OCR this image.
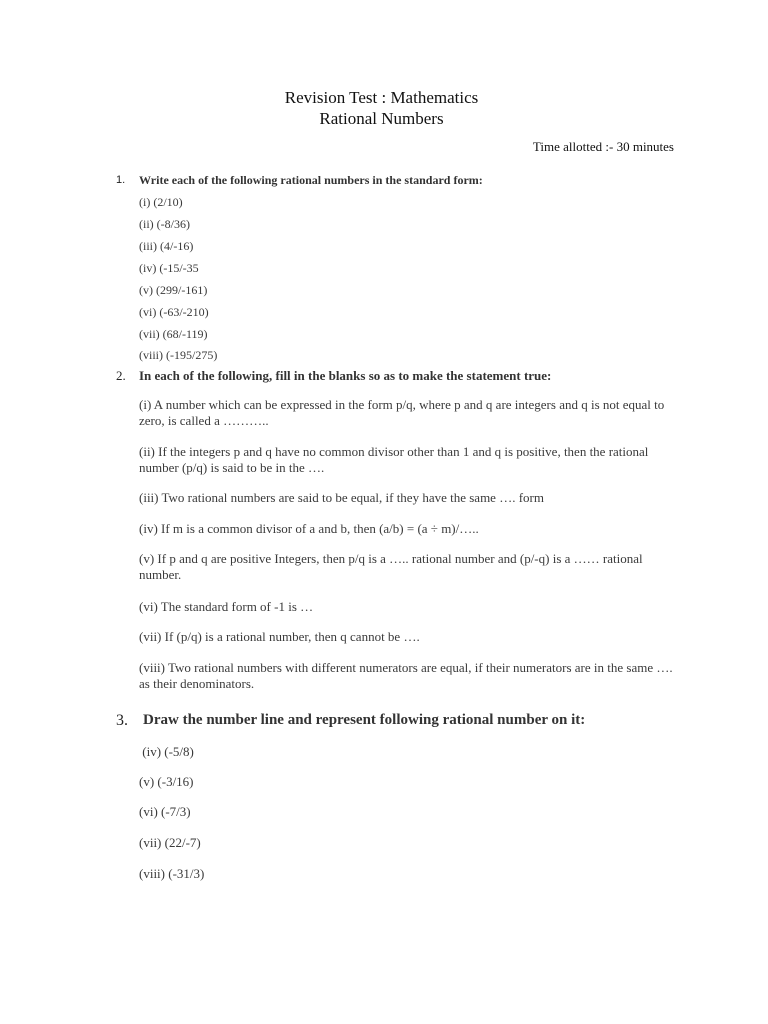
Revision Test : Mathematics
Rational Numbers
Time allotted :- 30 minutes
1. Write each of the following rational numbers in the standard form:
(i) (2/10)
(ii) (-8/36)
(iii) (4/-16)
(iv) (-15/-35
(v) (299/-161)
(vi) (-63/-210)
(vii) (68/-119)
(viii) (-195/275)
2. In each of the following, fill in the blanks so as to make the statement true:
(i) A number which can be expressed in the form p/q, where p and q are integers and q is not equal to zero, is called a ………..
(ii) If the integers p and q have no common divisor other than 1 and q is positive, then the rational number (p/q) is said to be in the ….
(iii) Two rational numbers are said to be equal, if they have the same …. form
(iv) If m is a common divisor of a and b, then (a/b) = (a ÷ m)/…..
(v) If p and q are positive Integers, then p/q is a ….. rational number and (p/-q) is a …… rational number.
(vi) The standard form of -1 is …
(vii) If (p/q) is a rational number, then q cannot be ….
(viii) Two rational numbers with different numerators are equal, if their numerators are in the same …. as their denominators.
3. Draw the number line and represent following rational number on it:
(iv) (-5/8)
(v) (-3/16)
(vi) (-7/3)
(vii) (22/-7)
(viii) (-31/3)
